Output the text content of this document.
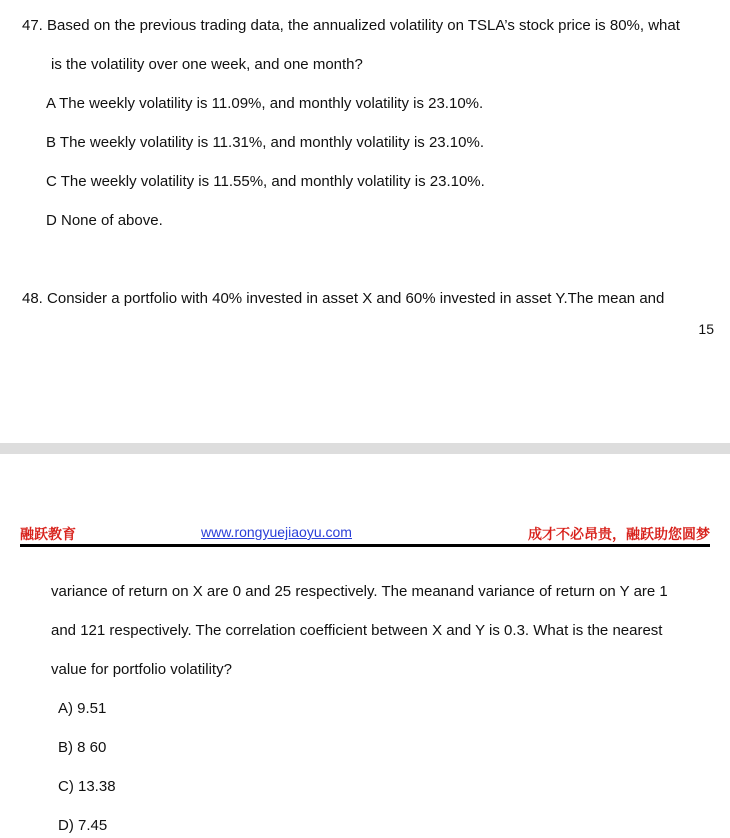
47. Based on the previous trading data, the annualized volatility on TSLA’s stock price is 80%, what
is the volatility over one week, and one month?
A The weekly volatility is 11.09%, and monthly volatility is 23.10%.
B The weekly volatility is 11.31%, and monthly volatility is 23.10%.
C The weekly volatility is 11.55%, and monthly volatility is 23.10%.
D None of above.
48. Consider a portfolio with 40% invested in asset X and 60% invested in asset Y.The mean and
15
融跃教育	www.rongyuejiaoyu.com	成才不必昂贵，融跃助您圆梦
variance of return on X are 0 and 25 respectively. The meanand variance of return on Y are 1
and 121 respectively. The correlation coefficient between X and Y is 0.3. What is the nearest
value for portfolio volatility?
A) 9.51
B) 8 60
C) 13.38
D) 7.45
